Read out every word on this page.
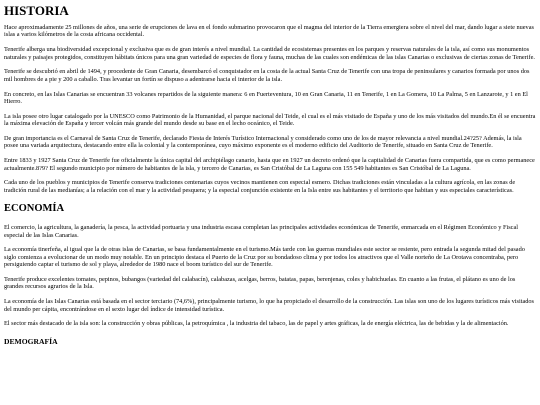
HISTORIA

Hace aproximadamente 25 millones de años, una serie de erupciones de lava en el fondo submarino provocaron que el magma del interior de la Tierra emergiera sobre el nivel del mar, dando lugar a siete nuevas islas a varios kilómetros de la costa africana occidental.

Tenerife alberga una biodiversidad excepcional y exclusiva que es de gran interés a nivel mundial. La cantidad de ecosistemas presentes en los parques y reservas naturales de la isla, así como sus monumentos naturales y paisajes protegidos, constituyen hábitats únicos para una gran variedad de especies de flora y fauna, muchas de las cuales son endémicas de las islas Canarias o exclusivas de ciertas zonas de Tenerife.

Tenerife se descubrió en abril de 1494, y procedente de Gran Canaria, desembarcó el conquistador en la costa de la actual Santa Cruz de Tenerife con una tropa de peninsulares y canarios formada por unos dos mil hombres de a pie y 200 a caballo. Tras levantar un fortín se dispuso a adentrarse hacia el interior de la isla.

En concreto, en las Islas Canarias se encuentran 33 volcanes repartidos de la siguiente manera: 6 en Fuerteventura, 10 en Gran Canaria, 11 en Tenerife, 1 en La Gomera, 10 La Palma, 5 en Lanzarote, y 1 en El Hierro.

La isla posee otro lugar catalogado por la UNESCO como Patrimonio de la Humanidad, el parque nacional del Teide, el cual es el más visitado de España y uno de los más visitados del mundo.En él se encuentra la máxima elevación de España y tercer volcán más grande del mundo desde su base en el lecho oceánico, el Teide.

De gran importancia es el Carnaval de Santa Cruz de Tenerife, declarado Fiesta de Interés Turístico Internacional y considerado como uno de los de mayor relevancia a nivel mundial.24?25? Además, la isla posee una variada arquitectura, destacando entre ella la colonial y la contemporánea, cuyo máximo exponente es el moderno edificio del Auditorio de Tenerife, situado en Santa Cruz de Tenerife.

Entre 1833 y 1927 Santa Cruz de Tenerife fue oficialmente la única capital del archipiélago canario, hasta que en 1927 un decreto ordenó que la capitalidad de Canarias fuera compartida, que es como permanece actualmente.8?9? El segundo municipio por número de habitantes de la isla, y tercero de Canarias, es San Cristóbal de La Laguna con 155 549 habitantes es San Cristóbal de La Laguna.

Cada uno de los pueblos y municipios de Tenerife conserva tradiciones centenarias cuyos vecinos mantienen con especial esmero. Dichas tradiciones están vinculadas a la cultura agrícola, en las zonas de tradición rural de las medianías; a la relación con el mar y la actividad pesquera; y la especial conjunción existente en la Isla entre sus habitantes y el territorio que habitan y sus especiales características.

ECONOMÍA

El comercio, la agricultura, la ganadería, la pesca, la actividad portuaria y una industria escasa completan las principales actividades económicas de Tenerife, enmarcada en el Régimen Económico y Fiscal especial de las Islas Canarias.

La economía tinerfeña, al igual que la de otras islas de Canarias, se basa fundamentalmente en el turismo.Más tarde con las guerras mundiales este sector se resiente, pero entrada la segunda mitad del pasado siglo comienza a evolucionar de un modo muy notable. En un principio destaca el Puerto de la Cruz por su bondadoso clima y por todos los atractivos que el Valle norteño de La Orotava concentraba, pero persiguiendo captar el turismo de sol y playa, alrededor de 1980 nace el boom turístico del sur de Tenerife.

Tenerife produce excelentes tomates, pepinos, bubangos (variedad del calabacín), calabazas, acelgas, berros, batatas, papas, berenjenas, coles y habichuelas. En cuanto a las frutas, el plátano es uno de los grandes recursos agrarios de la Isla.

La economía de las Islas Canarias está basada en el sector terciario (74,6%), principalmente turismo, lo que ha propiciado el desarrollo de la construcción. Las islas son uno de los lugares turísticos más visitados del mundo per cápita, encontrándose en el sexto lugar del índice de intensidad turística.

El sector más destacado de la isla son: la construcción y obras públicas, la petroquímica , la industria del tabaco, las de papel y artes gráficas, la de energía eléctrica, las de bebidas y la de alimentación.

DEMOGRAFÍA
